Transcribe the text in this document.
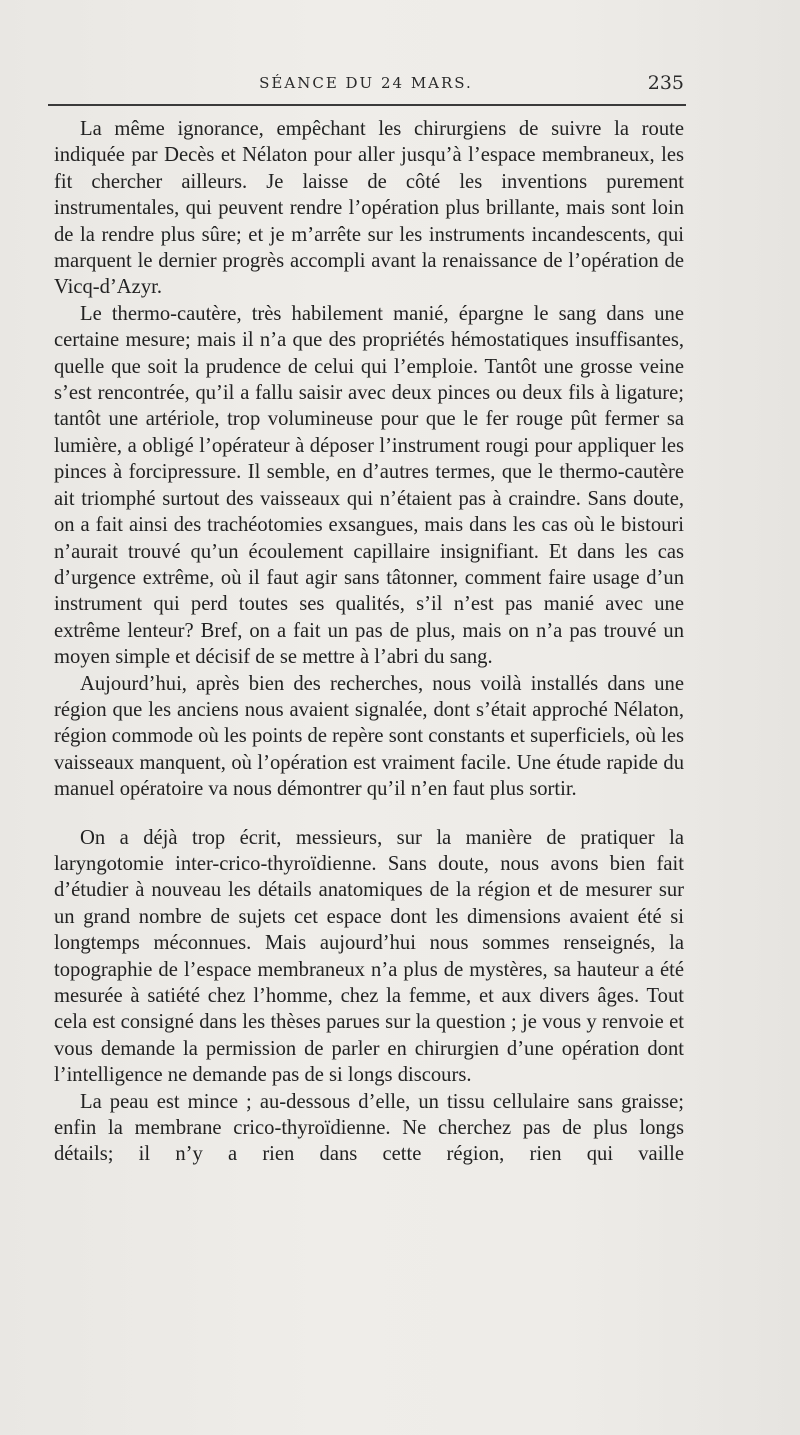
SÉANCE DU 24 MARS.	235

La même ignorance, empêchant les chirurgiens de suivre la route indiquée par Decès et Nélaton pour aller jusqu’à l’espace membraneux, les fit chercher ailleurs. Je laisse de côté les inventions purement instrumentales, qui peuvent rendre l’opération plus brillante, mais sont loin de la rendre plus sûre; et je m’arrête sur les instruments incandescents, qui marquent le dernier progrès accompli avant la renaissance de l’opération de Vicq-d’Azyr.

Le thermo-cautère, très habilement manié, épargne le sang dans une certaine mesure; mais il n’a que des propriétés hémostatiques insuffisantes, quelle que soit la prudence de celui qui l’emploie. Tantôt une grosse veine s’est rencontrée, qu’il a fallu saisir avec deux pinces ou deux fils à ligature; tantôt une artériole, trop volumineuse pour que le fer rouge pût fermer sa lumière, a obligé l’opérateur à déposer l’instrument rougi pour appliquer les pinces à forcipressure. Il semble, en d’autres termes, que le thermo-cautère ait triomphé surtout des vaisseaux qui n’étaient pas à craindre. Sans doute, on a fait ainsi des trachéotomies exsangues, mais dans les cas où le bistouri n’aurait trouvé qu’un écoulement capillaire insignifiant. Et dans les cas d’urgence extrême, où il faut agir sans tâtonner, comment faire usage d’un instrument qui perd toutes ses qualités, s’il n’est pas manié avec une extrême lenteur? Bref, on a fait un pas de plus, mais on n’a pas trouvé un moyen simple et décisif de se mettre à l’abri du sang.

Aujourd’hui, après bien des recherches, nous voilà installés dans une région que les anciens nous avaient signalée, dont s’était approché Nélaton, région commode où les points de repère sont constants et superficiels, où les vaisseaux manquent, où l’opération est vraiment facile. Une étude rapide du manuel opératoire va nous démontrer qu’il n’en faut plus sortir.

On a déjà trop écrit, messieurs, sur la manière de pratiquer la laryngotomie inter-crico-thyroïdienne. Sans doute, nous avons bien fait d’étudier à nouveau les détails anatomiques de la région et de mesurer sur un grand nombre de sujets cet espace dont les dimensions avaient été si longtemps méconnues. Mais aujourd’hui nous sommes renseignés, la topographie de l’espace membraneux n’a plus de mystères, sa hauteur a été mesurée à satiété chez l’homme, chez la femme, et aux divers âges. Tout cela est consigné dans les thèses parues sur la question ; je vous y renvoie et vous demande la permission de parler en chirurgien d’une opération dont l’intelligence ne demande pas de si longs discours.

La peau est mince ; au-dessous d’elle, un tissu cellulaire sans graisse; enfin la membrane crico-thyroïdienne. Ne cherchez pas de plus longs détails; il n’y a rien dans cette région, rien qui vaille
